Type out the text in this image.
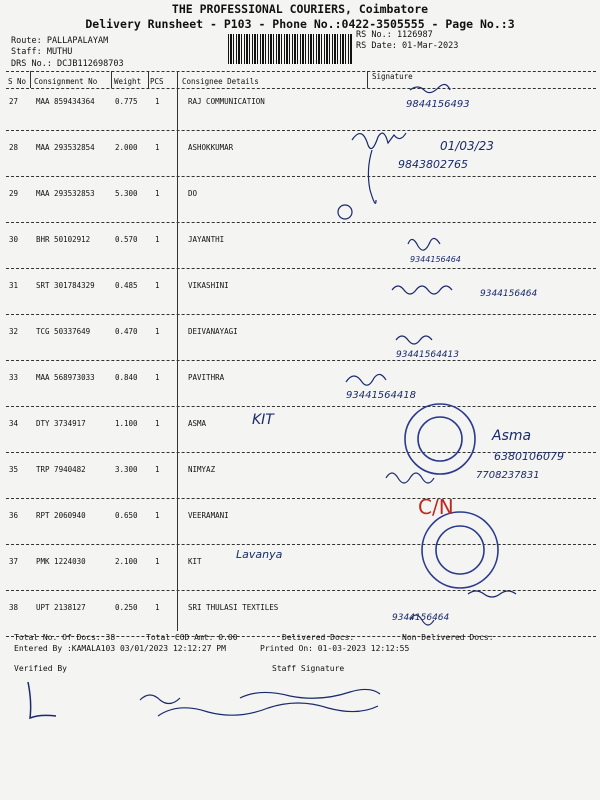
THE PROFESSIONAL COURIERS, Coimbatore
Delivery Runsheet - P103 - Phone No.:0422-3505555 - Page No.:3
Route: PALLAPALAYAM
Staff: MUTHU
DRS No.: DCJB112698703
RS No.: 1126987
RS Date: 01-Mar-2023
S No Consignment No Weight PCS Consignee Details
Signature
27 MAA 859434364	0.775 1	RAJ COMMUNICATION
28 MAA 293532854	2.000 1	ASHOKKUMAR
29 MAA 293532853	5.300 1	DO
30 BHR 50102912	0.570 1	JAYANTHI
31 SRT 301784329	0.485 1	VIKASHINI
32 TCG 50337649	0.470 1	DEIVANAYAGI
33 MAA 568973033	0.840 1	PAVITHRA
34 DTY 3734917	1.100 1	ASMA
35 TRP 7940482	3.300 1	NIMYAZ
36 RPT 2060940	0.650 1	VEERAMANI
37 PMK 1224030	2.100 1	KIT
38 UPT 2138127	0.250 1	SRI THULASI TEXTILES
9844156493
01/03/23
9843802765
9344156464
9344156464
93441564413
93441564418
KIT
Asma
6380106079
7708237831
Lavanya
9344156464
C/N
Total No. Of Docs: 38	Total COD Amt: 0.00	Delivered Docs:	Non Delivered Docs:
Entered By :KAMALA103 03/01/2023 12:12:27 PM	Printed On: 01-03-2023 12:12:55
Verified By	Staff Signature
